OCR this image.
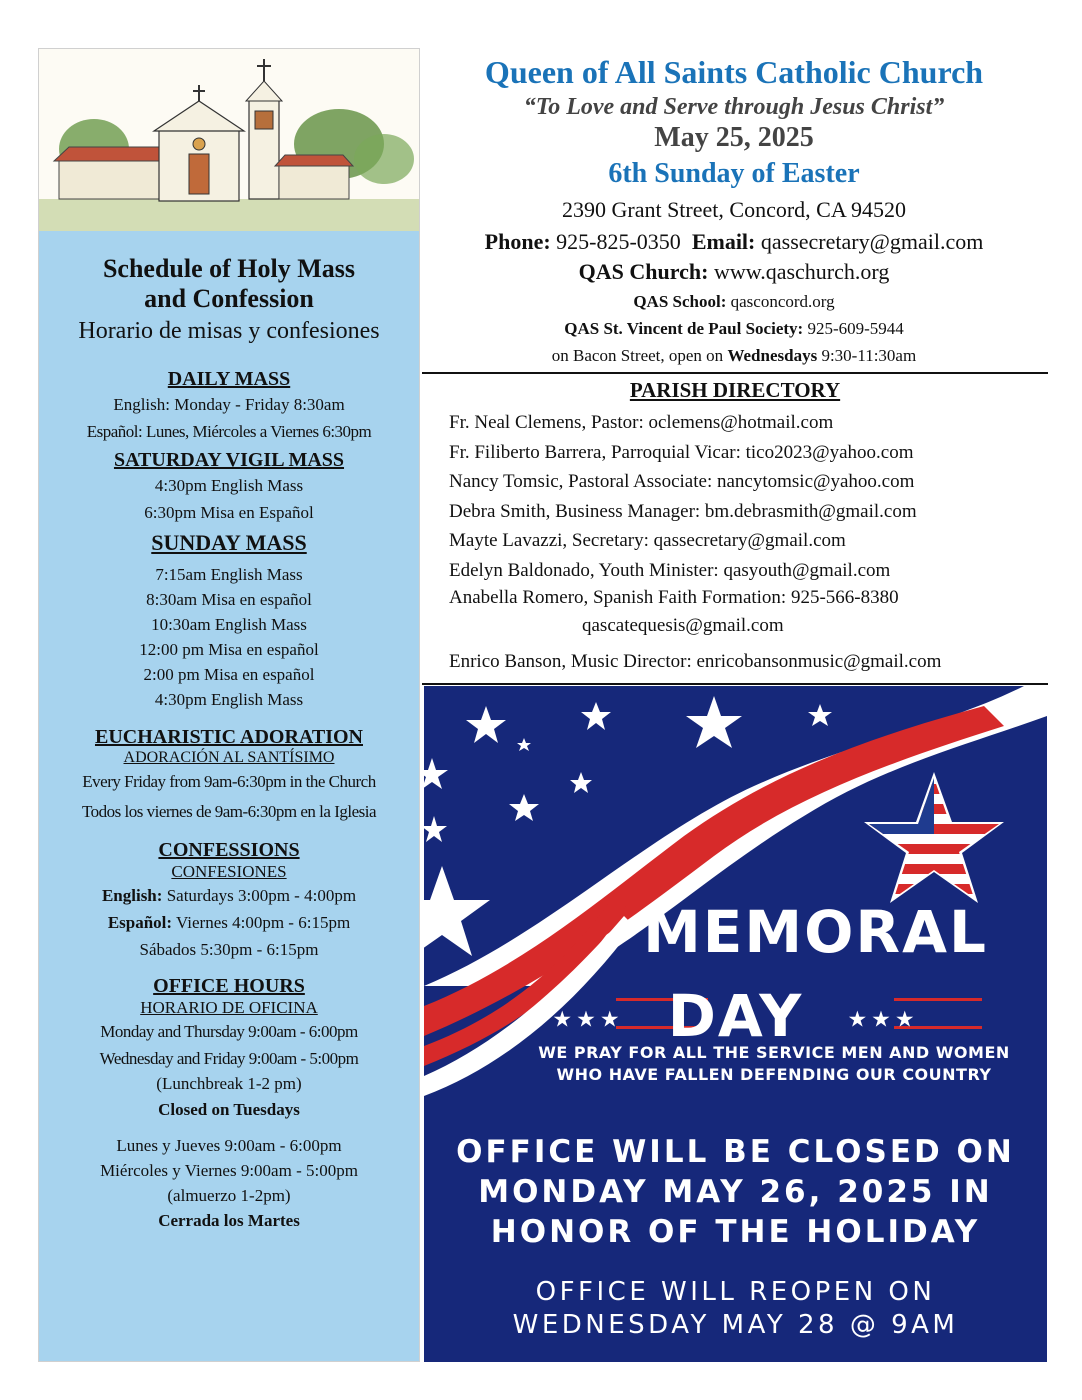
Schedule of Holy Mass
and Confession
Horario de misas y confesiones
DAILY MASS
English: Monday - Friday 8:30am
Español: Lunes, Miércoles a Viernes 6:30pm
SATURDAY VIGIL MASS
4:30pm English Mass
6:30pm Misa en Español
SUNDAY MASS
7:15am English Mass
8:30am Misa en español
10:30am English Mass
12:00 pm Misa en español
2:00 pm Misa en español
4:30pm English Mass
EUCHARISTIC ADORATION
ADORACIÓN AL SANTÍSIMO
Every Friday from 9am-6:30pm in the Church
Todos los viernes de 9am-6:30pm en la Iglesia
CONFESSIONS
CONFESIONES
English: Saturdays 3:00pm - 4:00pm
Español: Viernes 4:00pm - 6:15pm
Sábados 5:30pm - 6:15pm
OFFICE HOURS
HORARIO DE OFICINA
Monday and Thursday 9:00am - 6:00pm
Wednesday and Friday 9:00am - 5:00pm
(Lunchbreak 1-2 pm)
Closed on Tuesdays
Lunes y Jueves 9:00am - 6:00pm
Miércoles y Viernes 9:00am - 5:00pm
(almuerzo 1-2pm)
Cerrada los Martes
Queen of All Saints Catholic Church
“To Love and Serve through Jesus Christ”
May 25, 2025
6th Sunday of Easter
2390 Grant Street, Concord, CA 94520
Phone: 925-825-0350 Email: qassecretary@gmail.com
QAS Church: www.qaschurch.org
QAS School: qasconcord.org
QAS St. Vincent de Paul Society: 925-609-5944
on Bacon Street, open on Wednesdays 9:30-11:30am
PARISH DIRECTORY
Fr. Neal Clemens, Pastor: oclemens@hotmail.com
Fr. Filiberto Barrera, Parroquial Vicar: tico2023@yahoo.com
Nancy Tomsic, Pastoral Associate: nancytomsic@yahoo.com
Debra Smith, Business Manager: bm.debrasmith@gmail.com
Mayte Lavazzi, Secretary: qassecretary@gmail.com
Edelyn Baldonado, Youth Minister: qasyouth@gmail.com
Anabella Romero, Spanish Faith Formation: 925-566-8380
qascatequesis@gmail.com
Enrico Banson, Music Director: enricobansonmusic@gmail.com
MEMORAL
★★★ DAY ★★★
WE PRAY FOR ALL THE SERVICE MEN AND WOMEN
WHO HAVE FALLEN DEFENDING OUR COUNTRY
OFFICE WILL BE CLOSED ON
MONDAY MAY 26, 2025 IN
HONOR OF THE HOLIDAY
OFFICE WILL REOPEN ON
WEDNESDAY MAY 28 @ 9AM
